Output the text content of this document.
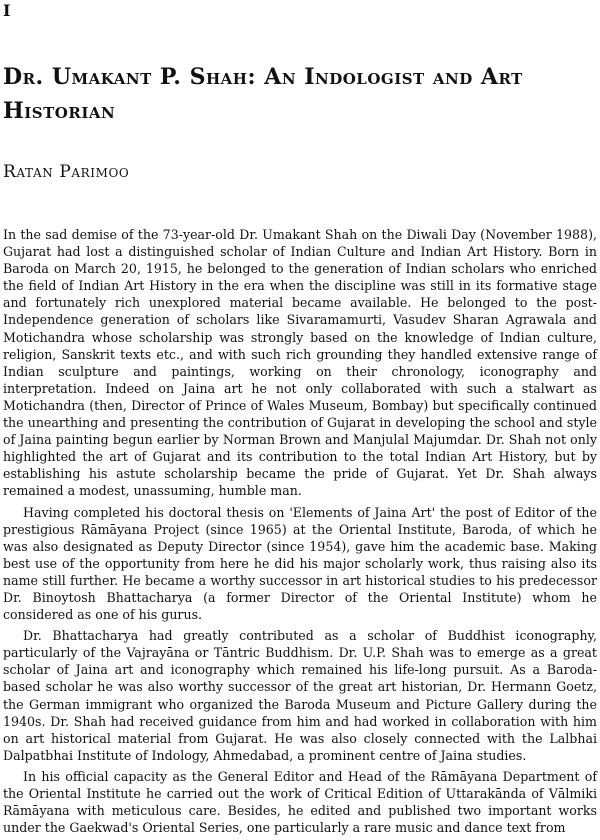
I
Dr. Umakant P. Shah: An Indologist and Art Historian
Ratan Parimoo

In the sad demise of the 73-year-old Dr. Umakant Shah on the Diwali Day (November 1988), Gujarat had lost a distinguished scholar of Indian Culture and Indian Art History. Born in Baroda on March 20, 1915, he belonged to the generation of Indian scholars who enriched the field of Indian Art History in the era when the discipline was still in its formative stage and fortunately rich unexplored material became available. He belonged to the post-Independence generation of scholars like Sivaramamurti, Vasudev Sharan Agrawala and Motichandra whose scholarship was strongly based on the knowledge of Indian culture, religion, Sanskrit texts etc., and with such rich grounding they handled extensive range of Indian sculpture and paintings, working on their chronology, iconography and interpretation. Indeed on Jaina art he not only collaborated with such a stalwart as Motichandra (then, Director of Prince of Wales Museum, Bombay) but specifically continued the unearthing and presenting the contribution of Gujarat in developing the school and style of Jaina painting begun earlier by Norman Brown and Manjulal Majumdar. Dr. Shah not only highlighted the art of Gujarat and its contribution to the total Indian Art History, but by establishing his astute scholarship became the pride of Gujarat. Yet Dr. Shah always remained a modest, unassuming, humble man.

Having completed his doctoral thesis on 'Elements of Jaina Art' the post of Editor of the prestigious Rāmāyana Project (since 1965) at the Oriental Institute, Baroda, of which he was also designated as Deputy Director (since 1954), gave him the academic base. Making best use of the opportunity from here he did his major scholarly work, thus raising also its name still further. He became a worthy successor in art historical studies to his predecessor Dr. Binoytosh Bhattacharya (a former Director of the Oriental Institute) whom he considered as one of his gurus.

Dr. Bhattacharya had greatly contributed as a scholar of Buddhist iconography, particularly of the Vajrayāna or Tāntric Buddhism. Dr. U.P. Shah was to emerge as a great scholar of Jaina art and iconography which remained his life-long pursuit. As a Baroda-based scholar he was also worthy successor of the great art historian, Dr. Hermann Goetz, the German immigrant who organized the Baroda Museum and Picture Gallery during the 1940s. Dr. Shah had received guidance from him and had worked in collaboration with him on art historical material from Gujarat. He was also closely connected with the Lalbhai Dalpatbhai Institute of Indology, Ahmedabad, a prominent centre of Jaina studies.

In his official capacity as the General Editor and Head of the Rāmāyana Department of the Oriental Institute he carried out the work of Critical Edition of Uttarakānda of Vālmiki Rāmāyana with meticulous care. Besides, he edited and published two important works under the Gaekwad's Oriental Series, one particularly a rare music and dance text from
